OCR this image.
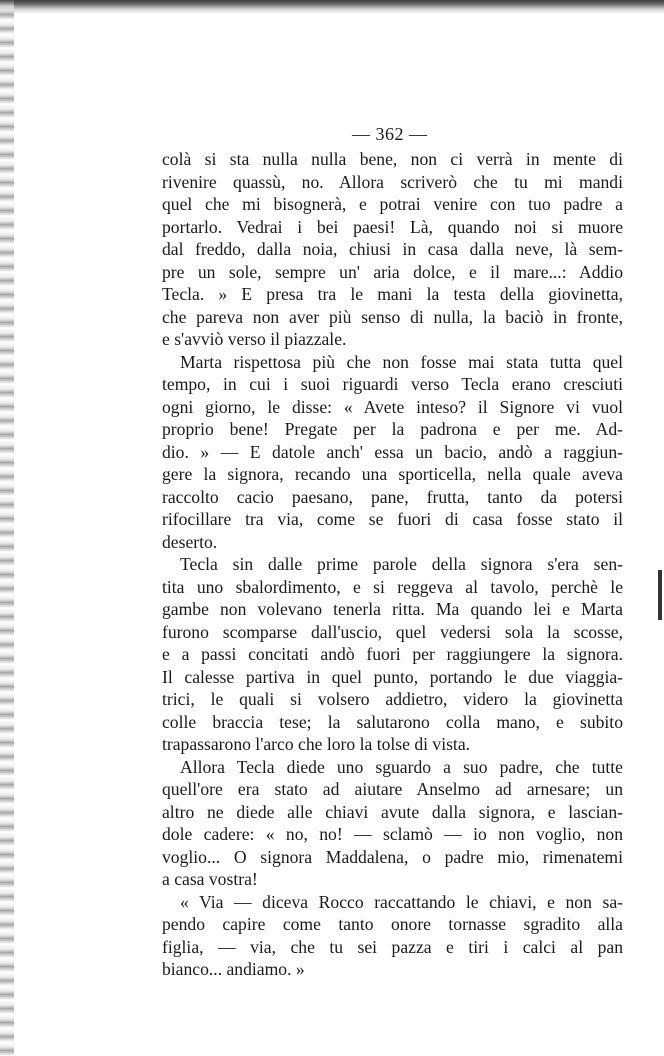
— 362 —
colà si sta nulla nulla bene, non ci verrà in mente di
rivenire quassù, no. Allora scriverò che tu mi mandi
quel che mi bisognerà, e potrai venire con tuo padre a
portarlo. Vedrai i bei paesi! Là, quando noi si muore
dal freddo, dalla noia, chiusi in casa dalla neve, là sem-
pre un sole, sempre un' aria dolce, e il mare...: Addio
Tecla. » E presa tra le mani la testa della giovinetta,
che pareva non aver più senso di nulla, la baciò in fronte,
e s'avviò verso il piazzale.
Marta rispettosa più che non fosse mai stata tutta quel
tempo, in cui i suoi riguardi verso Tecla erano cresciuti
ogni giorno, le disse: « Avete inteso? il Signore vi vuol
proprio bene! Pregate per la padrona e per me. Ad-
dio. » — E datole anch' essa un bacio, andò a raggiun-
gere la signora, recando una sporticella, nella quale aveva
raccolto cacio paesano, pane, frutta, tanto da potersi
rifocillare tra via, come se fuori di casa fosse stato il
deserto.
Tecla sin dalle prime parole della signora s'era sen-
tita uno sbalordimento, e si reggeva al tavolo, perchè le
gambe non volevano tenerla ritta. Ma quando lei e Marta
furono scomparse dall'uscio, quel vedersi sola la scosse,
e a passi concitati andò fuori per raggiungere la signora.
Il calesse partiva in quel punto, portando le due viaggia-
trici, le quali si volsero addietro, videro la giovinetta
colle braccia tese; la salutarono colla mano, e subito
trapassarono l'arco che loro la tolse di vista.
Allora Tecla diede uno sguardo a suo padre, che tutte
quell'ore era stato ad aiutare Anselmo ad arnesare; un
altro ne diede alle chiavi avute dalla signora, e lascian-
dole cadere: « no, no! — sclamò — io non voglio, non
voglio... O signora Maddalena, o padre mio, rimenatemi
a casa vostra!
« Via — diceva Rocco raccattando le chiavi, e non sa-
pendo capire come tanto onore tornasse sgradito alla
figlia, — via, che tu sei pazza e tiri i calci al pan
bianco... andiamo. »
